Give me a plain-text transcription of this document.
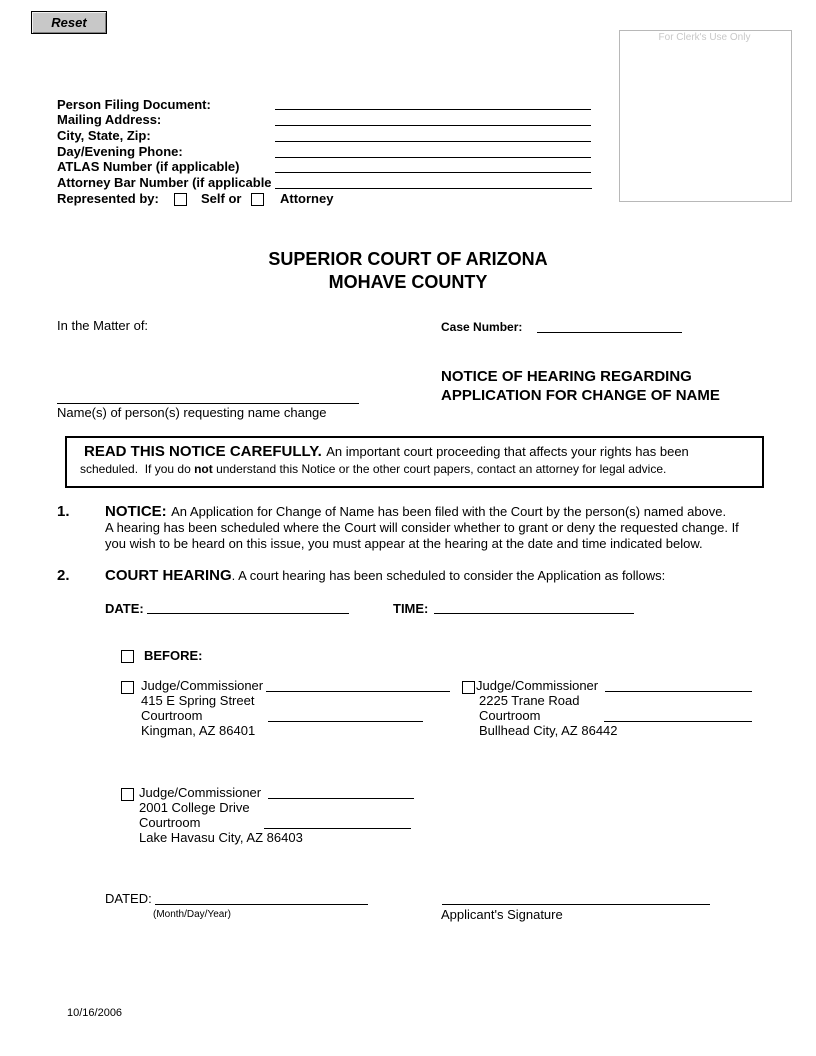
Reset
For Clerk's Use Only
Person Filing Document:
Mailing Address:
City, State, Zip:
Day/Evening Phone:
ATLAS Number (if applicable)
Attorney Bar Number (if applicable
Represented by:	Self or	Attorney
SUPERIOR COURT OF ARIZONA
MOHAVE COUNTY
In the Matter of:	Case Number:
NOTICE OF HEARING REGARDING
APPLICATION FOR CHANGE OF NAME
Name(s) of person(s) requesting name change
READ THIS NOTICE CAREFULLY. An important court proceeding that affects your rights has been
scheduled.  If you do not understand this Notice or the other court papers, contact an attorney for legal advice.
1. NOTICE: An Application for Change of Name has been filed with the Court by the person(s) named above.
A hearing has been scheduled where the Court will consider whether to grant or deny the requested change. If
you wish to be heard on this issue, you must appear at the hearing at the date and time indicated below.
2. COURT HEARING. A court hearing has been scheduled to consider the Application as follows:
DATE:	TIME:
BEFORE:
Judge/Commissioner
415 E Spring Street
Courtroom
Kingman, AZ 86401
Judge/Commissioner
2225 Trane Road
Courtroom
Bullhead City, AZ 86442
Judge/Commissioner
2001 College Drive
Courtroom
Lake Havasu City, AZ 86403
DATED:
(Month/Day/Year)	Applicant's Signature
10/16/2006
